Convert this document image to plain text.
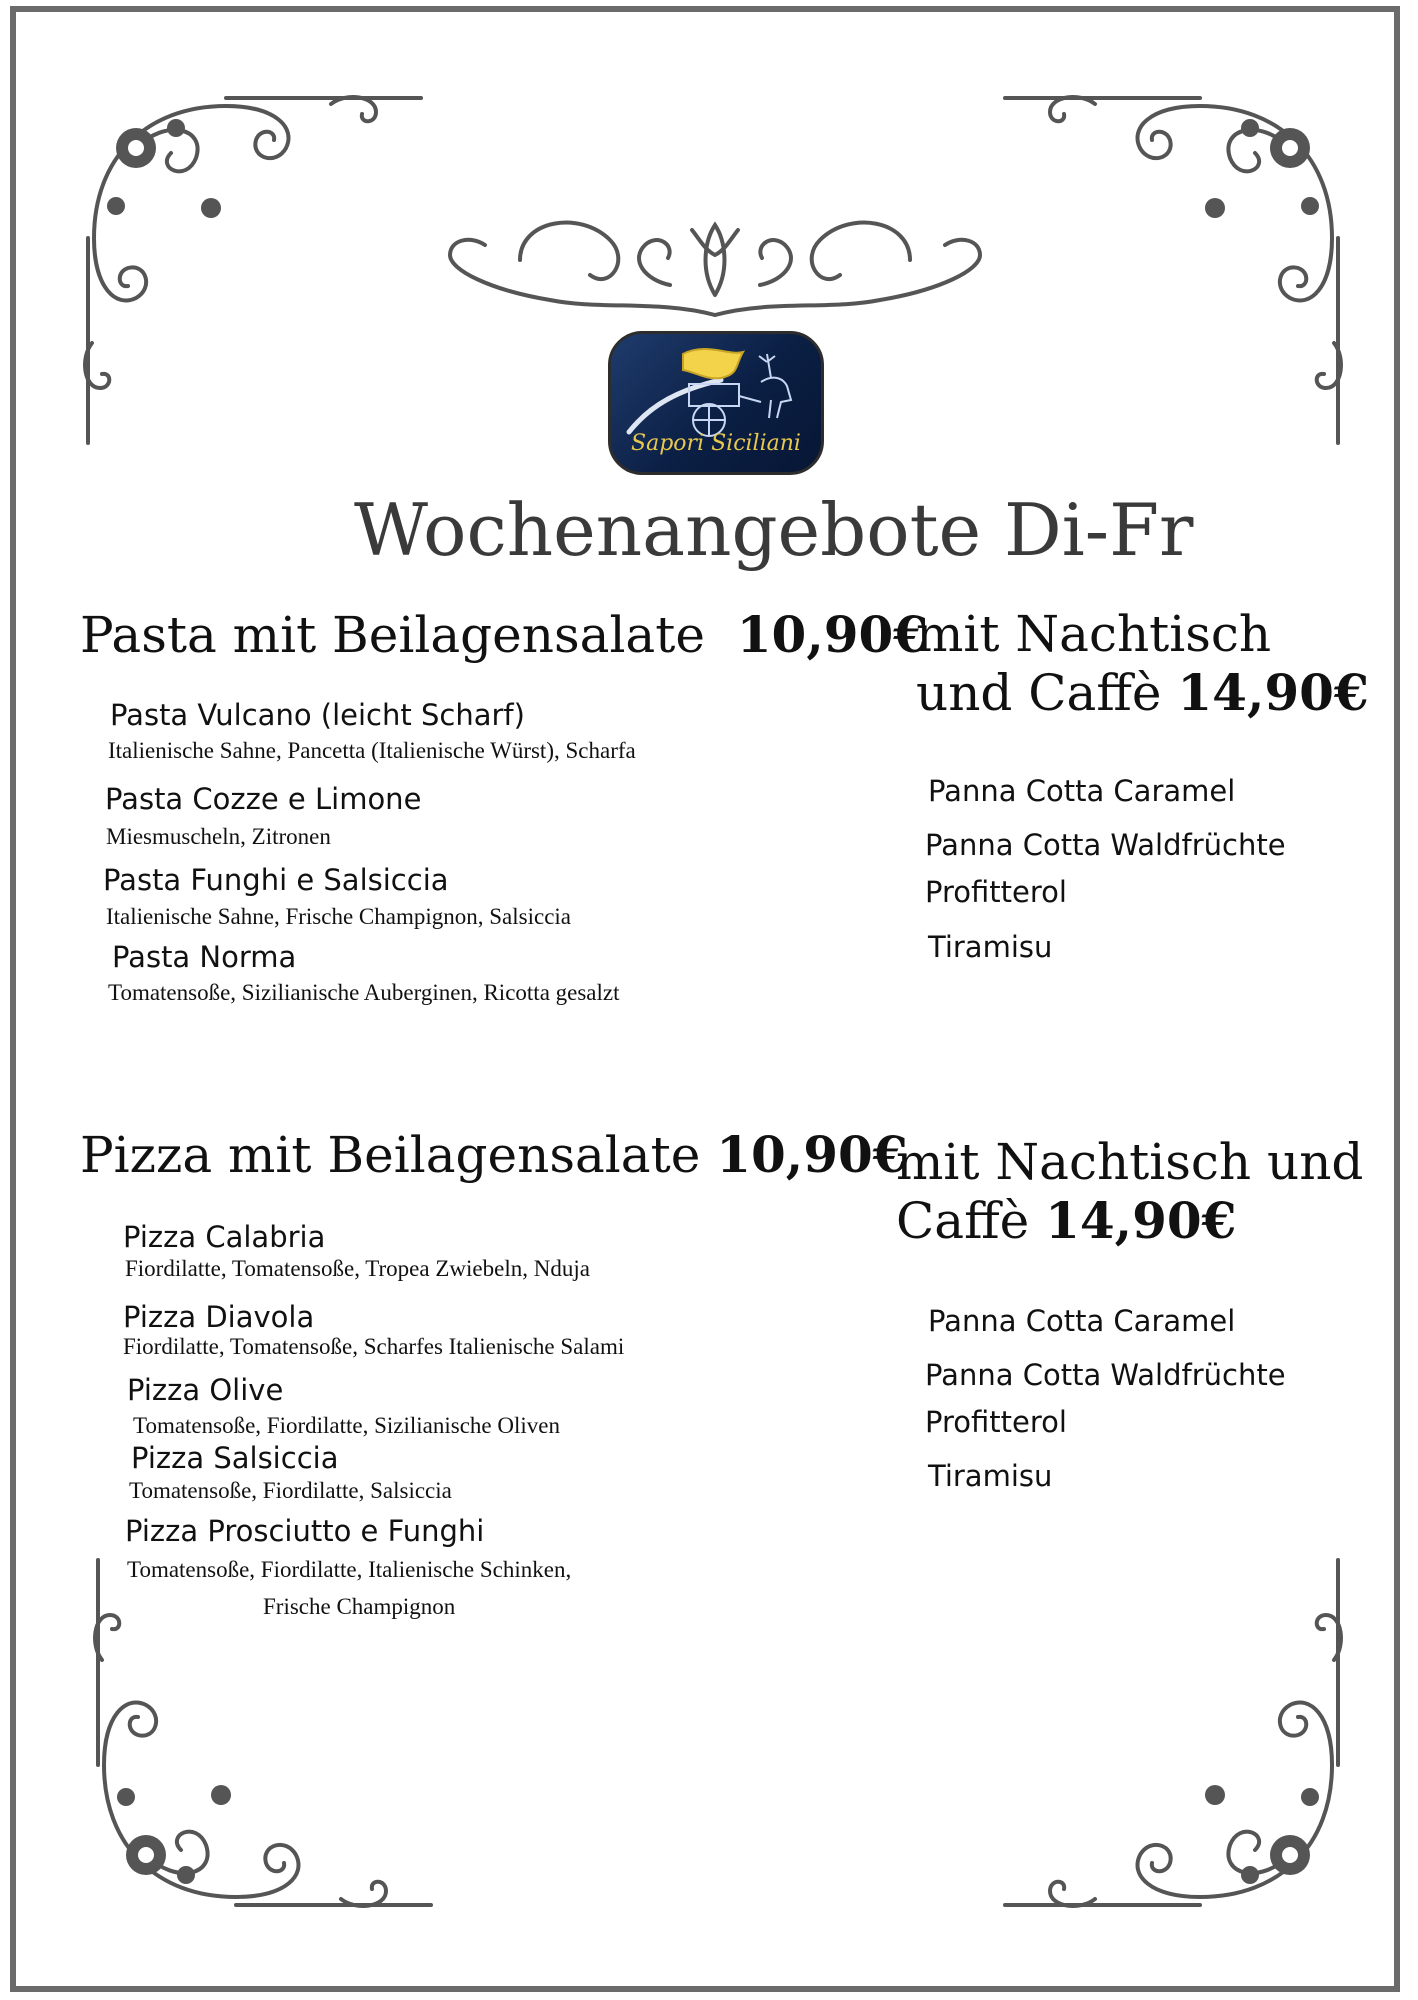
Sapori Siciliani
Wochenangebote Di-Fr
Pasta mit Beilagensalate 10,90€
Pasta Vulcano (leicht Scharf)
Italienische Sahne, Pancetta (Italienische Würst), Scharfa
Pasta Cozze e Limone
Miesmuscheln, Zitronen
Pasta Funghi e Salsiccia
Italienische Sahne, Frische Champignon, Salsiccia
Pasta Norma
Tomatensoße, Sizilianische Auberginen, Ricotta gesalzt
mit Nachtisch
und Caffè 14,90€
Panna Cotta Caramel
Panna Cotta Waldfrüchte
Profitterol
Tiramisu
Pizza mit Beilagensalate 10,90€
Pizza Calabria
Fiordilatte, Tomatensoße, Tropea Zwiebeln, Nduja
Pizza Diavola
Fiordilatte, Tomatensoße, Scharfes Italienische Salami
Pizza Olive
Tomatensoße, Fiordilatte, Sizilianische Oliven
Pizza Salsiccia
Tomatensoße, Fiordilatte, Salsiccia
Pizza Prosciutto e Funghi
Tomatensoße, Fiordilatte, Italienische Schinken,
Frische Champignon
mit Nachtisch und
Caffè 14,90€
Panna Cotta Caramel
Panna Cotta Waldfrüchte
Profitterol
Tiramisu
